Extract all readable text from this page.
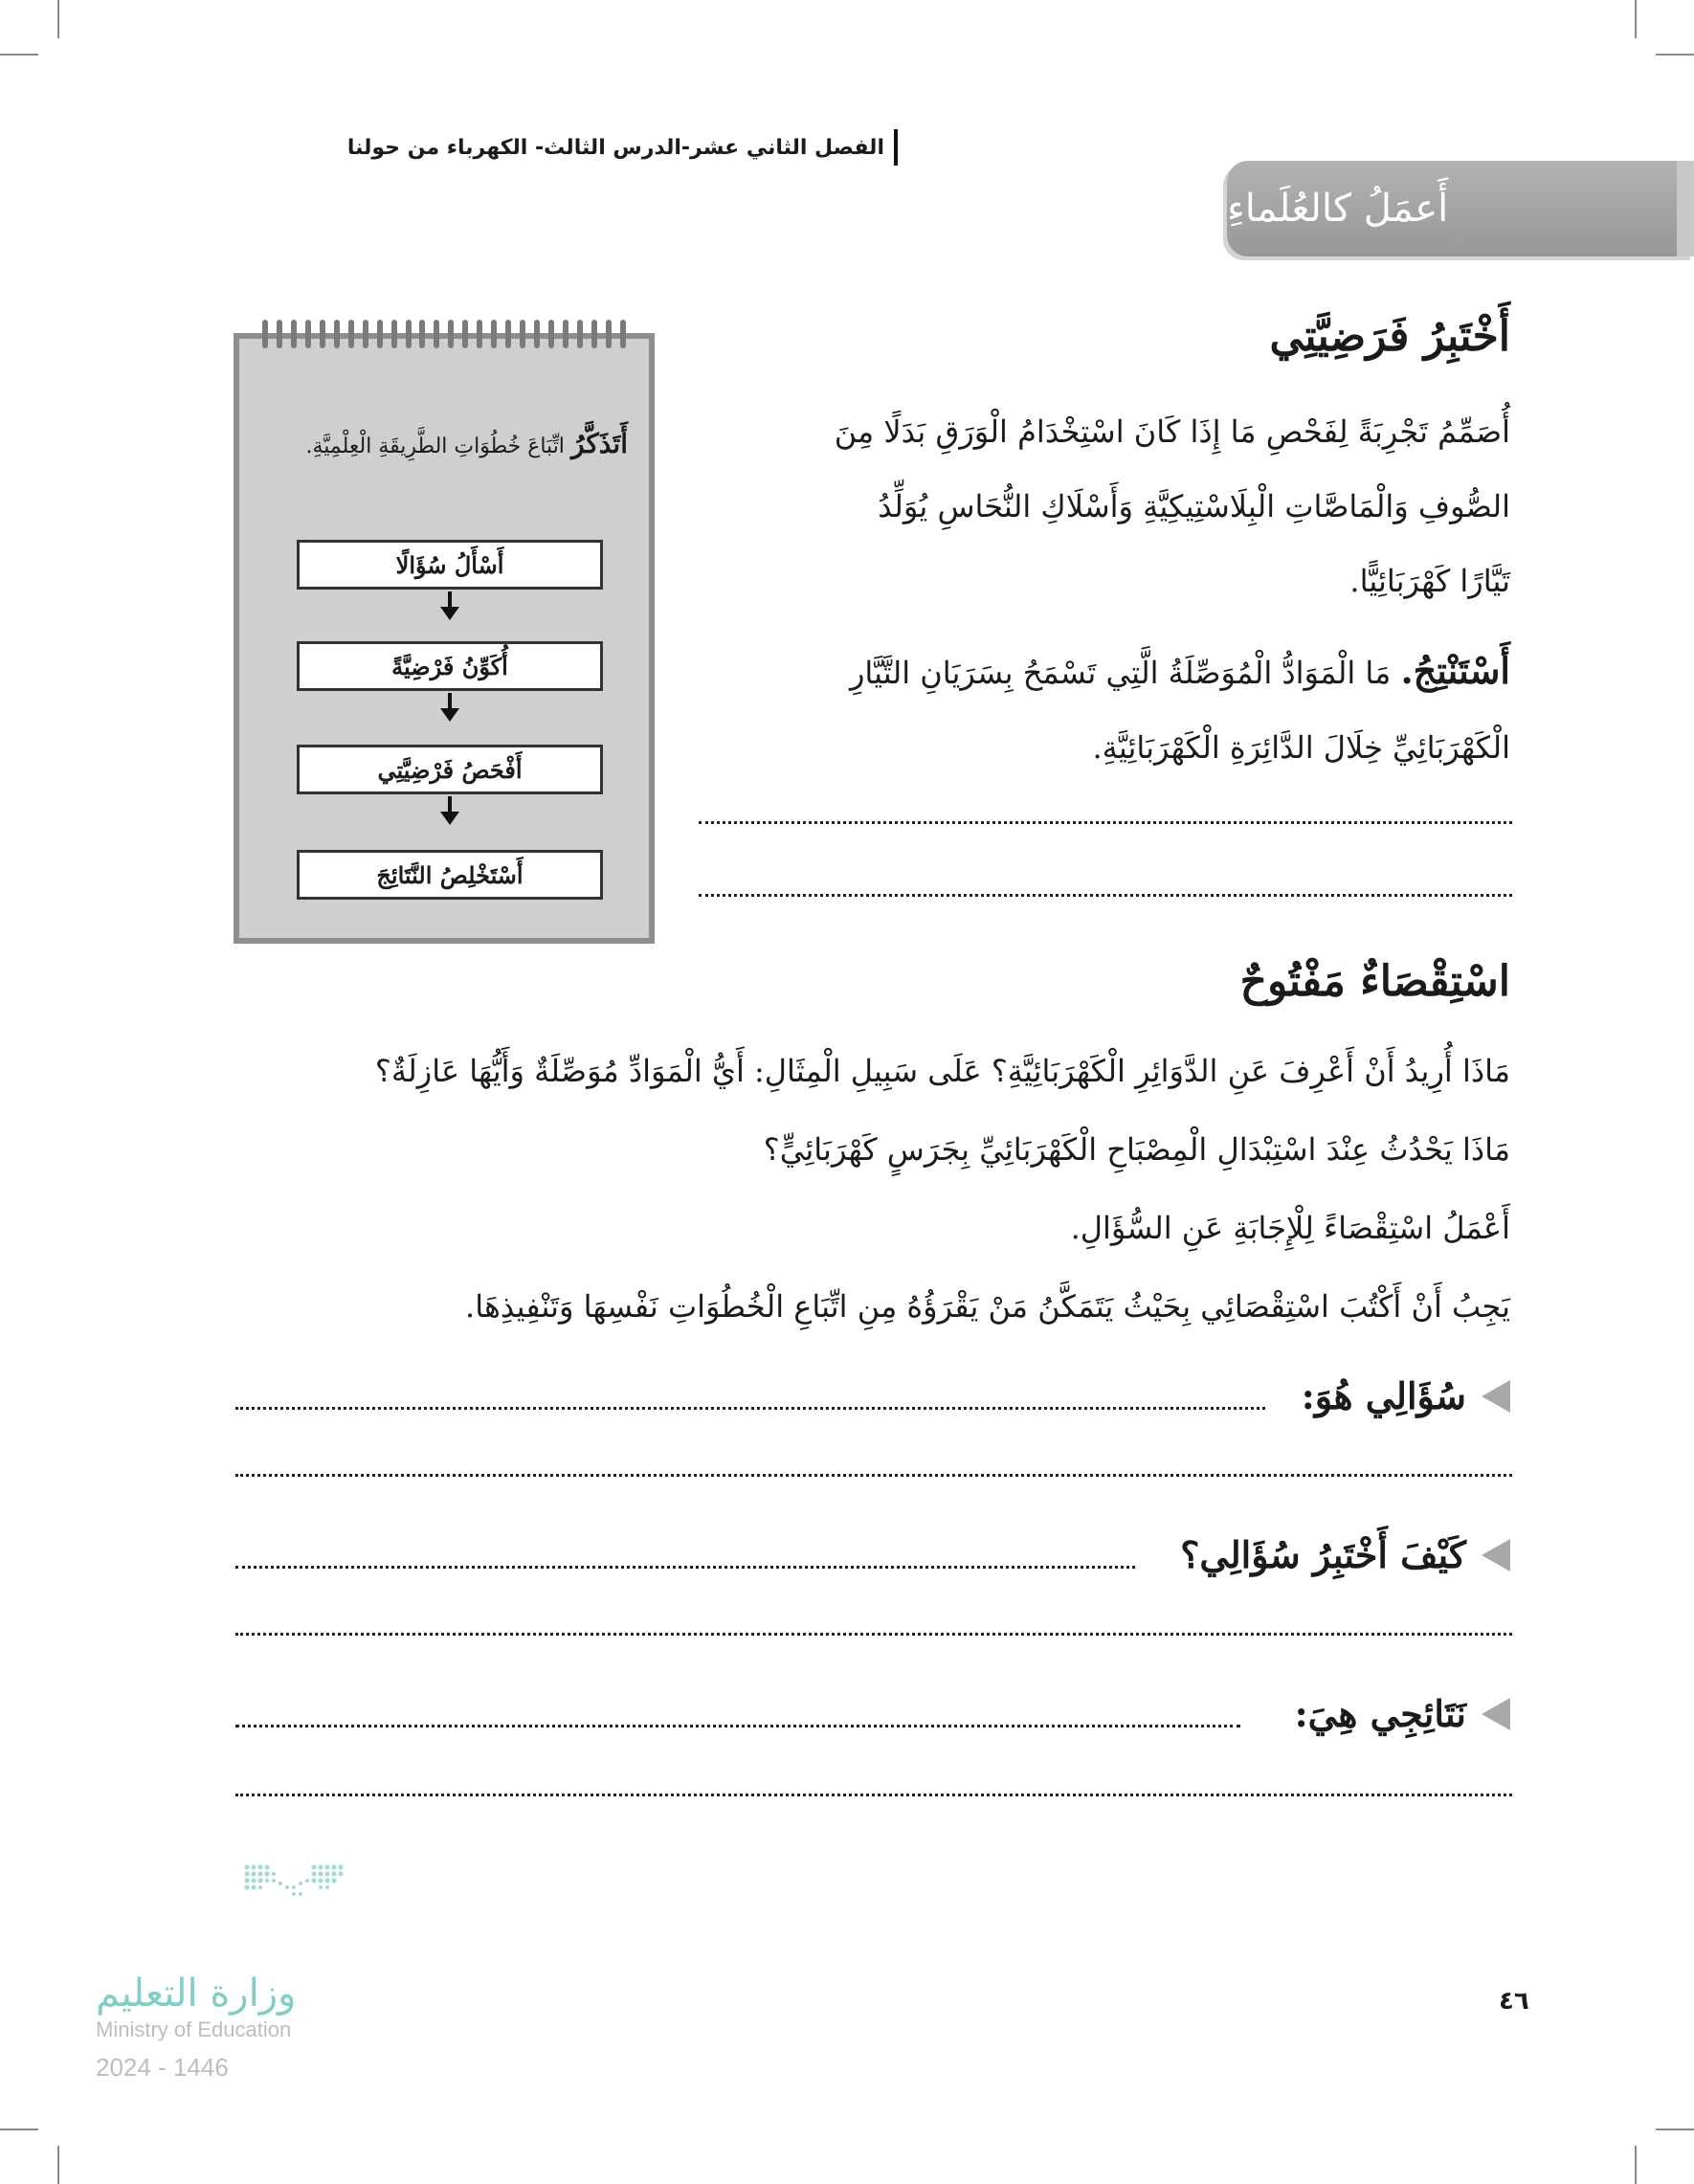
الفصل الثاني عشر-الدرس الثالث- الكهرباء من حولنا
أَعمَلُ كالعُلَماءِ
أَخْتَبِرُ فَرَضِيَّتِي
أُصَمِّمُ تَجْرِبَةً لِفَحْصِ مَا إِذَا كَانَ اسْتِخْدَامُ الْوَرَقِ بَدَلًا مِنَ
الصُّوفِ وَالْمَاصَّاتِ الْبِلَاسْتِيكِيَّةِ وَأَسْلَاكِ النُّحَاسِ يُوَلِّدُ
تَيَّارًا كَهْرَبَائِيًّا.
أَسْتَنْتِجُ. مَا الْمَوَادُّ الْمُوَصِّلَةُ الَّتِي تَسْمَحُ بِسَرَيَانِ التَّيَّارِ
الْكَهْرَبَائِيِّ خِلَالَ الدَّائِرَةِ الْكَهْرَبَائِيَّةِ.
أَتَذَكَّرُ اتِّبَاعَ خُطُوَاتِ الطَّرِيقَةِ الْعِلْمِيَّةِ.
أَسْأَلُ سُؤَالًا
أُكَوِّنُ فَرْضِيَّةً
أَفْحَصُ فَرْضِيَّتِي
أَسْتَخْلِصُ النَّتَائِجَ
اسْتِقْصَاءٌ مَفْتُوحٌ
مَاذَا أُرِيدُ أَنْ أَعْرِفَ عَنِ الدَّوَائِرِ الْكَهْرَبَائِيَّةِ؟ عَلَى سَبِيلِ الْمِثَالِ: أَيُّ الْمَوَادِّ مُوَصِّلَةٌ وَأَيُّهَا عَازِلَةٌ؟
مَاذَا يَحْدُثُ عِنْدَ اسْتِبْدَالِ الْمِصْبَاحِ الْكَهْرَبَائِيِّ بِجَرَسٍ كَهْرَبَائِيٍّ؟
أَعْمَلُ اسْتِقْصَاءً لِلْإِجَابَةِ عَنِ السُّؤَالِ.
يَجِبُ أَنْ أَكْتُبَ اسْتِقْصَائِي بِحَيْثُ يَتَمَكَّنُ مَنْ يَقْرَؤُهُ مِنِ اتِّبَاعِ الْخُطُوَاتِ نَفْسِهَا وَتَنْفِيذِهَا.
سُؤَالِي هُوَ:
كَيْفَ أَخْتَبِرُ سُؤَالِي؟
نَتَائِجِي هِيَ:
وزارة التعليم
Ministry of Education
2024 - 1446
٤٦
